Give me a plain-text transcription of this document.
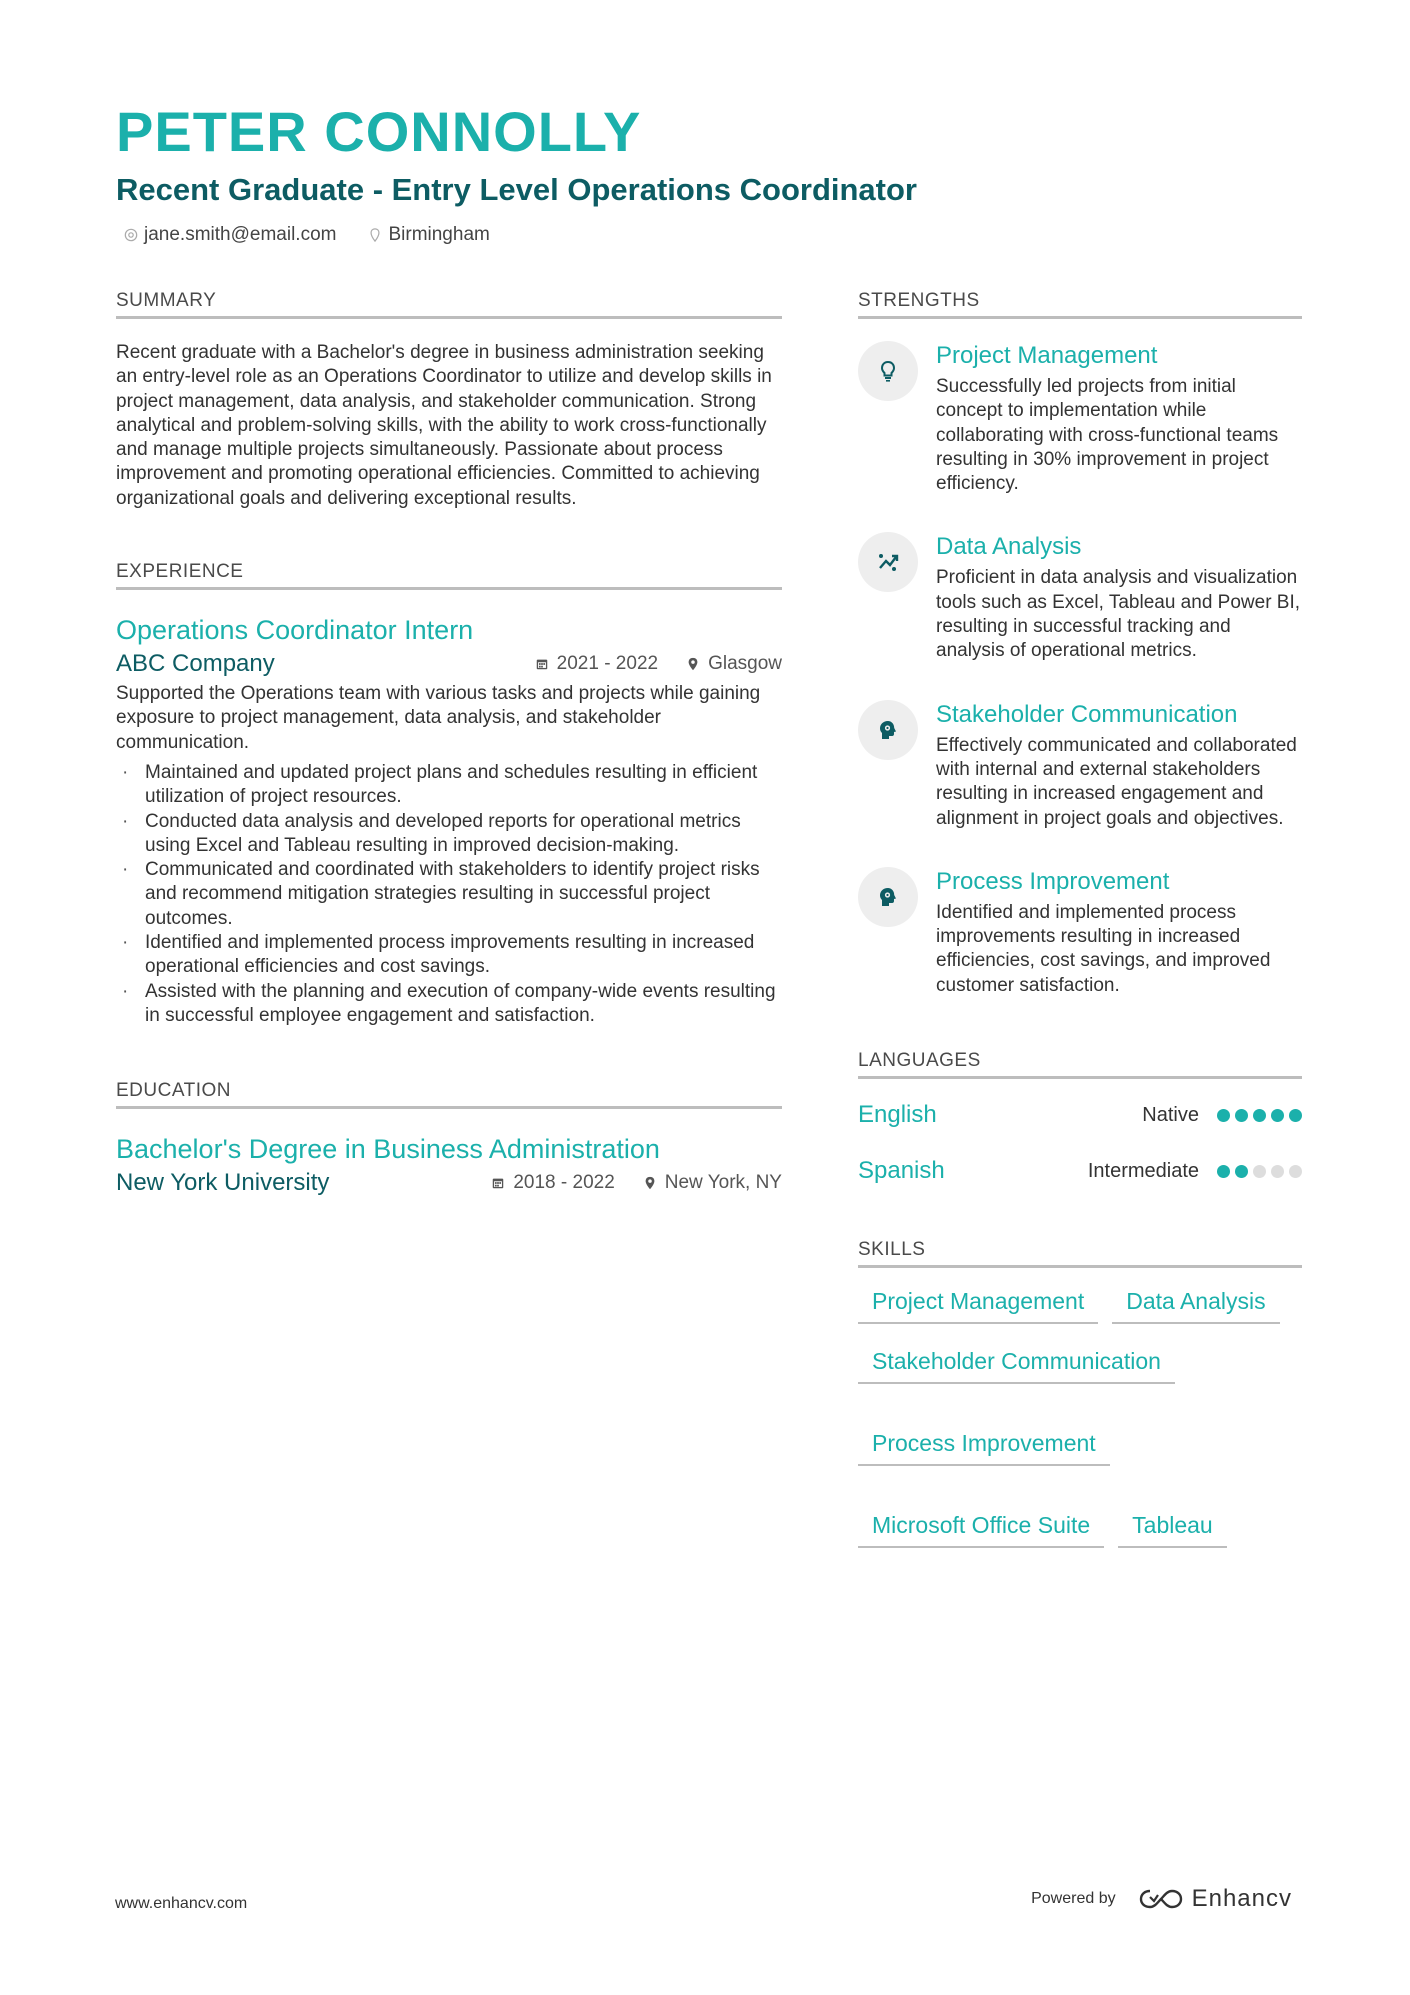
PETER CONNOLLY
Recent Graduate - Entry Level Operations Coordinator
jane.smith@email.com	Birmingham
SUMMARY
Recent graduate with a Bachelor's degree in business administration seeking an entry-level role as an Operations Coordinator to utilize and develop skills in project management, data analysis, and stakeholder communication. Strong analytical and problem-solving skills, with the ability to work cross-functionally and manage multiple projects simultaneously. Passionate about process improvement and promoting operational efficiencies. Committed to achieving organizational goals and delivering exceptional results.
EXPERIENCE
Operations Coordinator Intern
ABC Company	2021 - 2022	Glasgow
Supported the Operations team with various tasks and projects while gaining exposure to project management, data analysis, and stakeholder communication.
· Maintained and updated project plans and schedules resulting in efficient utilization of project resources.
· Conducted data analysis and developed reports for operational metrics using Excel and Tableau resulting in improved decision-making.
· Communicated and coordinated with stakeholders to identify project risks and recommend mitigation strategies resulting in successful project outcomes.
· Identified and implemented process improvements resulting in increased operational efficiencies and cost savings.
· Assisted with the planning and execution of company-wide events resulting in successful employee engagement and satisfaction.
EDUCATION
Bachelor's Degree in Business Administration
New York University	2018 - 2022	New York, NY
STRENGTHS
Project Management
Successfully led projects from initial concept to implementation while collaborating with cross-functional teams resulting in 30% improvement in project efficiency.
Data Analysis
Proficient in data analysis and visualization tools such as Excel, Tableau and Power BI, resulting in successful tracking and analysis of operational metrics.
Stakeholder Communication
Effectively communicated and collaborated with internal and external stakeholders resulting in increased engagement and alignment in project goals and objectives.
Process Improvement
Identified and implemented process improvements resulting in increased efficiencies, cost savings, and improved customer satisfaction.
LANGUAGES
English	Native
Spanish	Intermediate
SKILLS
Project Management	Data Analysis
Stakeholder Communication
Process Improvement
Microsoft Office Suite	Tableau
www.enhancv.com	Powered by	Enhancv
